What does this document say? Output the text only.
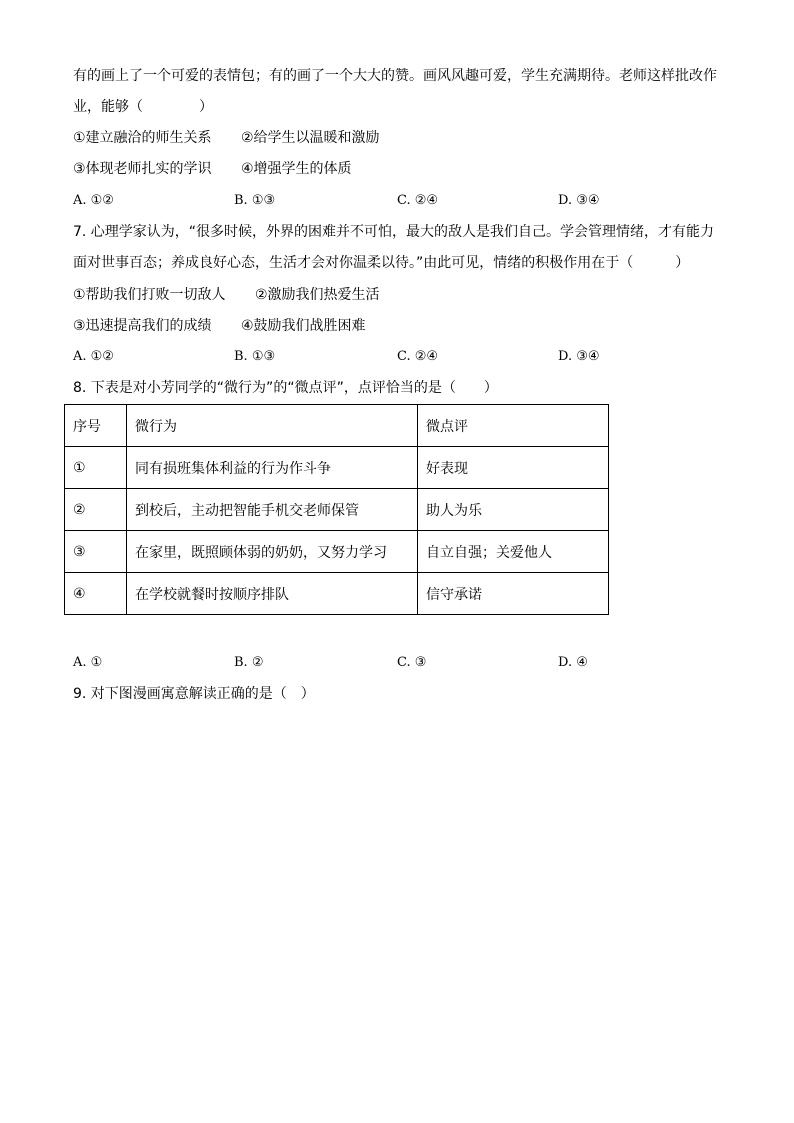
有的画上了一个可爱的表情包；有的画了一个大大的赞。画风风趣可爱，学生充满期待。老师这样批改作
业，能够（　　　　）
①建立融洽的师生关系 ②给学生以温暖和激励
③体现老师扎实的学识 ④增强学生的体质
A. ①②	B. ①③	C. ②④	D. ③④
7. 心理学家认为，“很多时候，外界的困难并不可怕，最大的敌人是我们自己。学会管理情绪，才有能力
面对世事百态；养成良好心态，生活才会对你温柔以待。”由此可见，情绪的积极作用在于（　　　）
①帮助我们打败一切敌人 ②激励我们热爱生活
③迅速提高我们的成绩 ④鼓励我们战胜困难
A. ①②	B. ①③	C. ②④	D. ③④
8. 下表是对小芳同学的“微行为”的“微点评”，点评恰当的是（　　）
序号	微行为	微点评
①	同有损班集体利益的行为作斗争	好表现
②	到校后，主动把智能手机交老师保管	助人为乐
③	在家里，既照顾体弱的奶奶，又努力学习	自立自强；关爱他人
④	在学校就餐时按顺序排队	信守承诺
A. ①	B. ②	C. ③	D. ④
9. 对下图漫画寓意解读正确的是（　）
